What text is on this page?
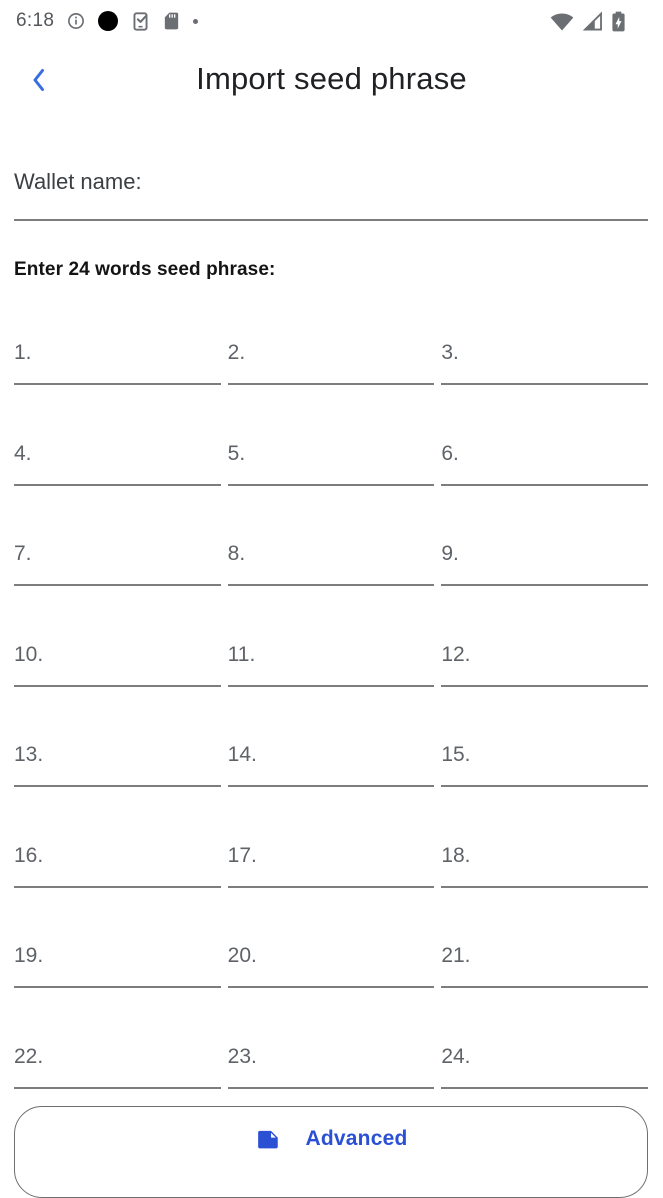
6:18
Import seed phrase
Wallet name:
Enter 24 words seed phrase:
1.	2.	3.
4.	5.	6.
7.	8.	9.
10.	11.	12.
13.	14.	15.
16.	17.	18.
19.	20.	21.
22.	23.	24.
Advanced
